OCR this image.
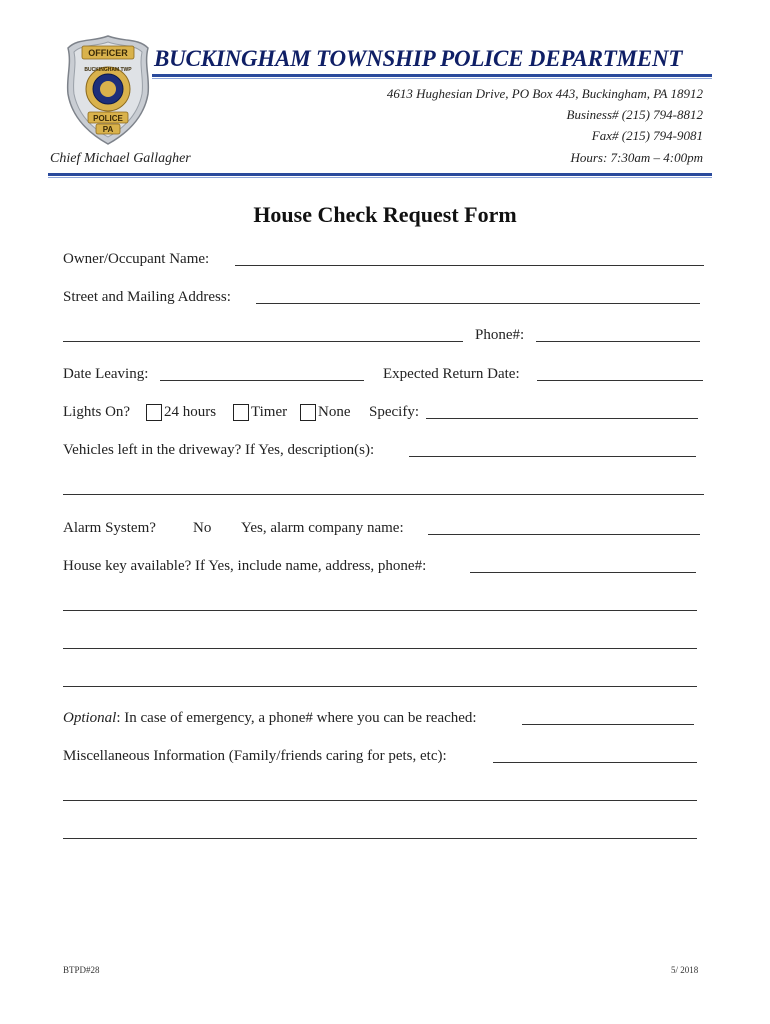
OFFICER
BUCKINGHAM TWP
POLICE
PA
BUCKINGHAM TOWNSHIP POLICE DEPARTMENT
4613 Hughesian Drive, PO Box 443, Buckingham, PA 18912
Business# (215) 794-8812
Fax# (215) 794-9081
Hours: 7:30am – 4:00pm
Chief Michael Gallagher
House Check Request Form
Owner/Occupant Name:
Street and Mailing Address:
Phone#:
Date Leaving:	Expected Return Date:
Lights On? 24 hours Timer None Specify:
Vehicles left in the driveway? If Yes, description(s):
Alarm System? No Yes, alarm company name:
House key available? If Yes, include name, address, phone#:
Optional: In case of emergency, a phone# where you can be reached:
Miscellaneous Information (Family/friends caring for pets, etc):
BTPD#28	5/ 2018
